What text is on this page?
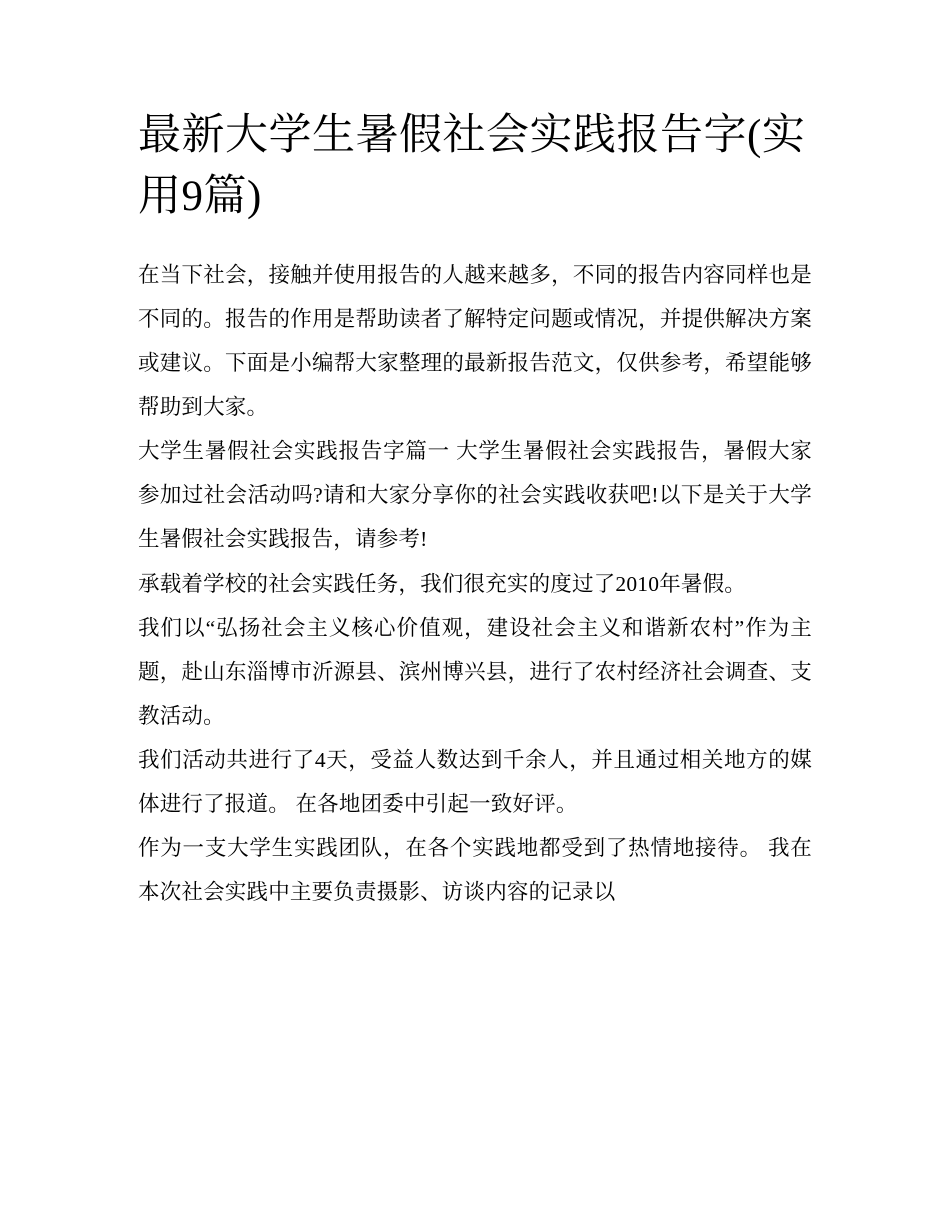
最新大学生暑假社会实践报告字(实用9篇)

在当下社会，接触并使用报告的人越来越多，不同的报告内容同样也是不同的。报告的作用是帮助读者了解特定问题或情况，并提供解决方案或建议。下面是小编帮大家整理的最新报告范文，仅供参考，希望能够帮助到大家。

大学生暑假社会实践报告字篇一 大学生暑假社会实践报告，暑假大家参加过社会活动吗?请和大家分享你的社会实践收获吧!以下是关于大学生暑假社会实践报告，请参考!

承载着学校的社会实践任务，我们很充实的度过了2010年暑假。

我们以“弘扬社会主义核心价值观，建设社会主义和谐新农村”作为主题，赴山东淄博市沂源县、滨州博兴县，进行了农村经济社会调查、支教活动。

我们活动共进行了4天，受益人数达到千余人，并且通过相关地方的媒体进行了报道。 在各地团委中引起一致好评。

作为一支大学生实践团队，在各个实践地都受到了热情地接待。 我在本次社会实践中主要负责摄影、访谈内容的记录以
